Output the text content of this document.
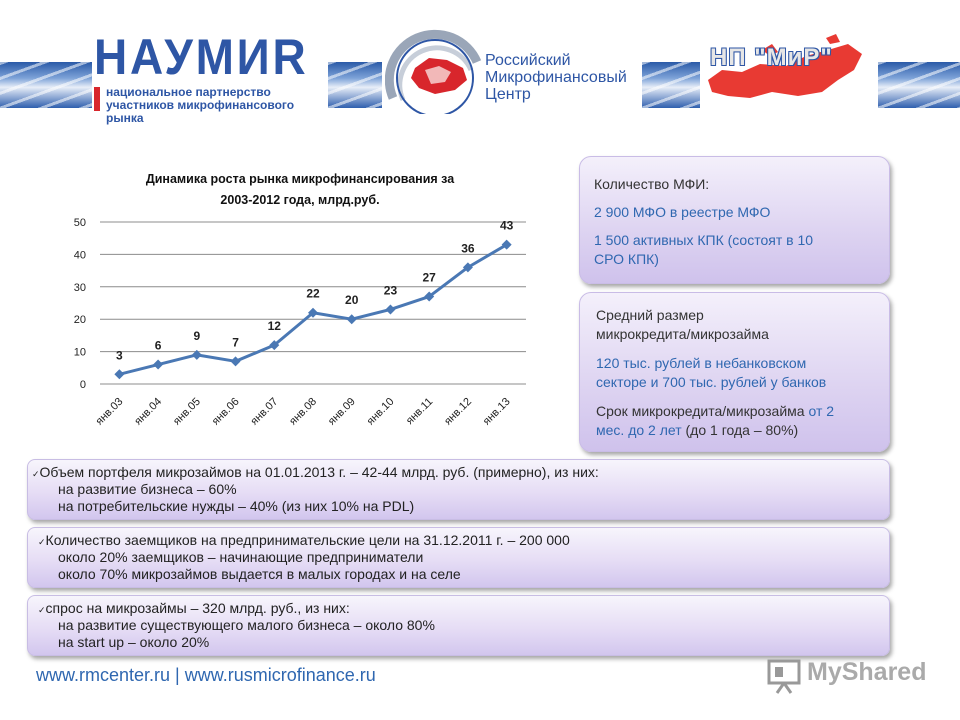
НАУМИR
национальное партнерство
участников микрофинансового рынка
Российский
Микрофинансовый
Центр
НП "МиР"
Динамика роста рынка микрофинансирования за
2003-2012 года, млрд.руб.
0
10
20
30
40
50
янв.03 янв.04 янв.05 янв.06 янв.07 янв.08 янв.09 янв.10 янв.11 янв.12 янв.13
3
6
9	7
12
22 20
23
27
36
43
Количество МФИ:
2 900 МФО в реестре МФО
1 500 активных КПК (состоят в 10
СРО КПК)
Средний размер
микрокредита/микрозайма
120 тыс. рублей в небанковском
секторе и 700 тыс. рублей у банков
Срок микрокредита/микрозайма от 2
мес. до 2 лет (до 1 года – 80%)
✓Объем портфеля микрозаймов на 01.01.2013 г. – 42-44 млрд. руб. (примерно), из них:
на развитие бизнеса – 60%
на потребительские нужды – 40% (из них 10% на PDL)
✓Количество заемщиков на предпринимательские цели на 31.12.2011 г. – 200 000
около 20% заемщиков – начинающие предприниматели
около 70% микрозаймов выдается в малых городах и на селе
✓спрос на микрозаймы – 320 млрд. руб., из них:
на развитие существующего малого бизнеса – около 80%
на start up – около 20%
www.rmcenter.ru | www.rusmicrofinance.ru	MyShared
